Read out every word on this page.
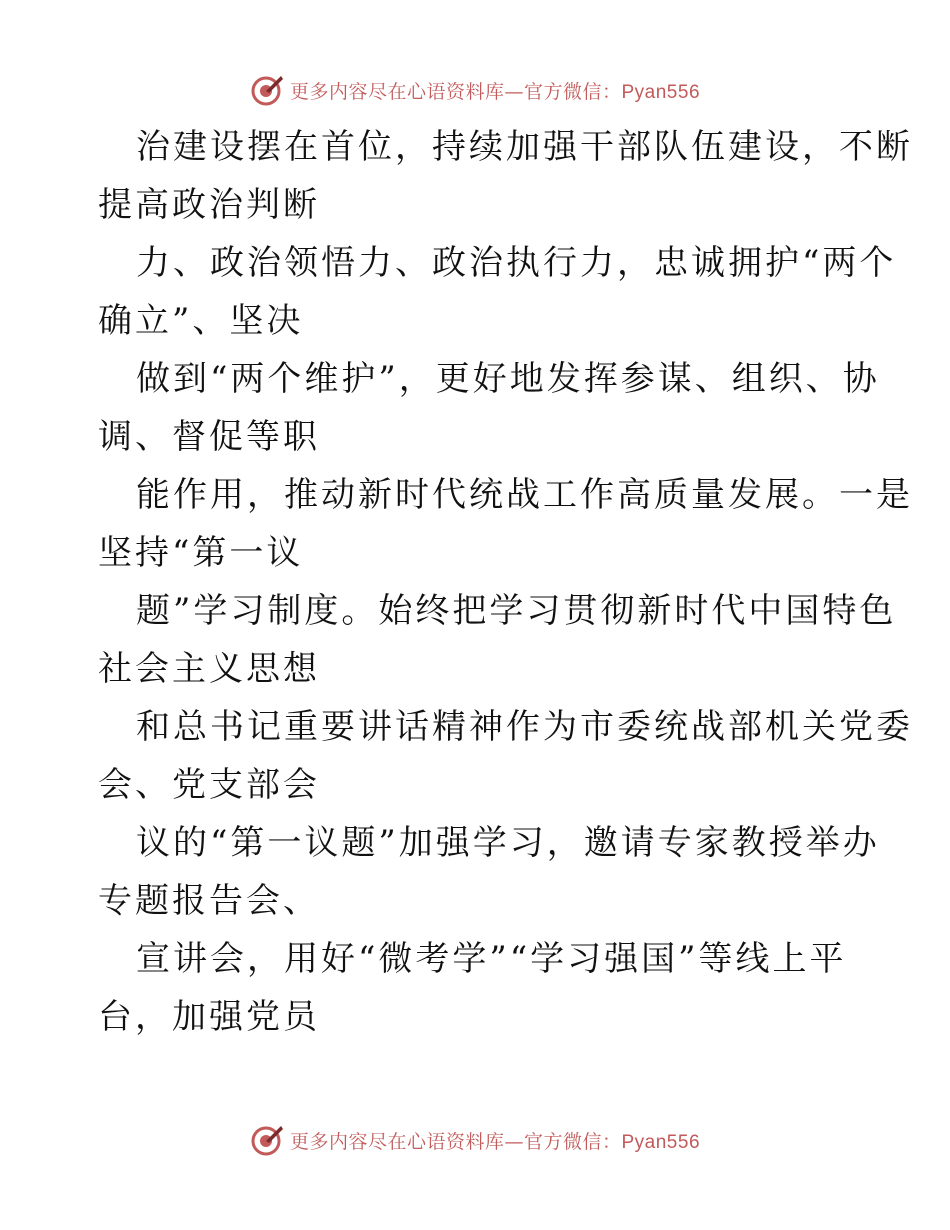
更多内容尽在心语资料库—官方微信：Pyan556
治建设摆在首位，持续加强干部队伍建设，不断
提高政治判断
力、政治领悟力、政治执行力，忠诚拥护“两个
确立”、坚决
做到“两个维护”，更好地发挥参谋、组织、协
调、督促等职
能作用，推动新时代统战工作高质量发展。一是
坚持“第一议
题”学习制度。始终把学习贯彻新时代中国特色
社会主义思想
和总书记重要讲话精神作为市委统战部机关党委
会、党支部会
议的“第一议题”加强学习，邀请专家教授举办
专题报告会、
宣讲会，用好“微考学”“学习强国”等线上平
台，加强党员
更多内容尽在心语资料库—官方微信：Pyan556
